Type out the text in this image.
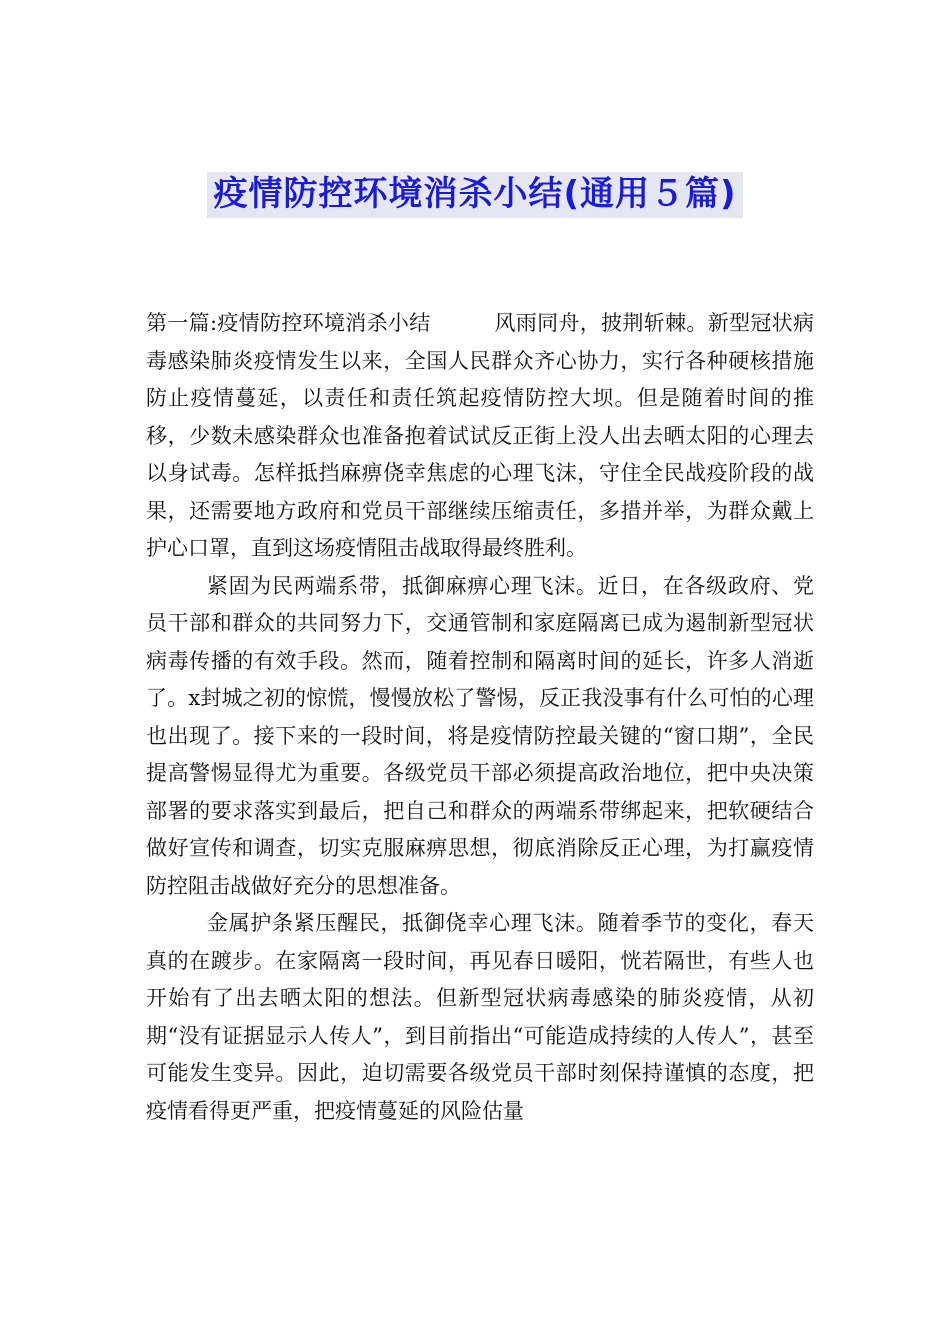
疫情防控环境消杀小结(通用５篇)

第一篇:疫情防控环境消杀小结　　　风雨同舟，披荆斩棘。新型冠状病毒感染肺炎疫情发生以来，全国人民群众齐心协力，实行各种硬核措施防止疫情蔓延，以责任和责任筑起疫情防控大坝。但是随着时间的推移，少数未感染群众也准备抱着试试反正街上没人出去晒太阳的心理去以身试毒。怎样抵挡麻痹侥幸焦虑的心理飞沫，守住全民战疫阶段的战果，还需要地方政府和党员干部继续压缩责任，多措并举，为群众戴上护心口罩，直到这场疫情阻击战取得最终胜利。

紧固为民两端系带，抵御麻痹心理飞沫。近日，在各级政府、党员干部和群众的共同努力下，交通管制和家庭隔离已成为遏制新型冠状病毒传播的有效手段。然而，随着控制和隔离时间的延长，许多人消逝了。x封城之初的惊慌，慢慢放松了警惕，反正我没事有什么可怕的心理也出现了。接下来的一段时间，将是疫情防控最关键的“窗口期”，全民提高警惕显得尤为重要。各级党员干部必须提高政治地位，把中央决策部署的要求落实到最后，把自己和群众的两端系带绑起来，把软硬结合做好宣传和调查，切实克服麻痹思想，彻底消除反正心理，为打赢疫情防控阻击战做好充分的思想准备。

金属护条紧压醒民，抵御侥幸心理飞沫。随着季节的变化，春天真的在踱步。在家隔离一段时间，再见春日暖阳，恍若隔世，有些人也开始有了出去晒太阳的想法。但新型冠状病毒感染的肺炎疫情，从初期“没有证据显示人传人”，到目前指出“可能造成持续的人传人”，甚至可能发生变异。因此，迫切需要各级党员干部时刻保持谨慎的态度，把疫情看得更严重，把疫情蔓延的风险估量
